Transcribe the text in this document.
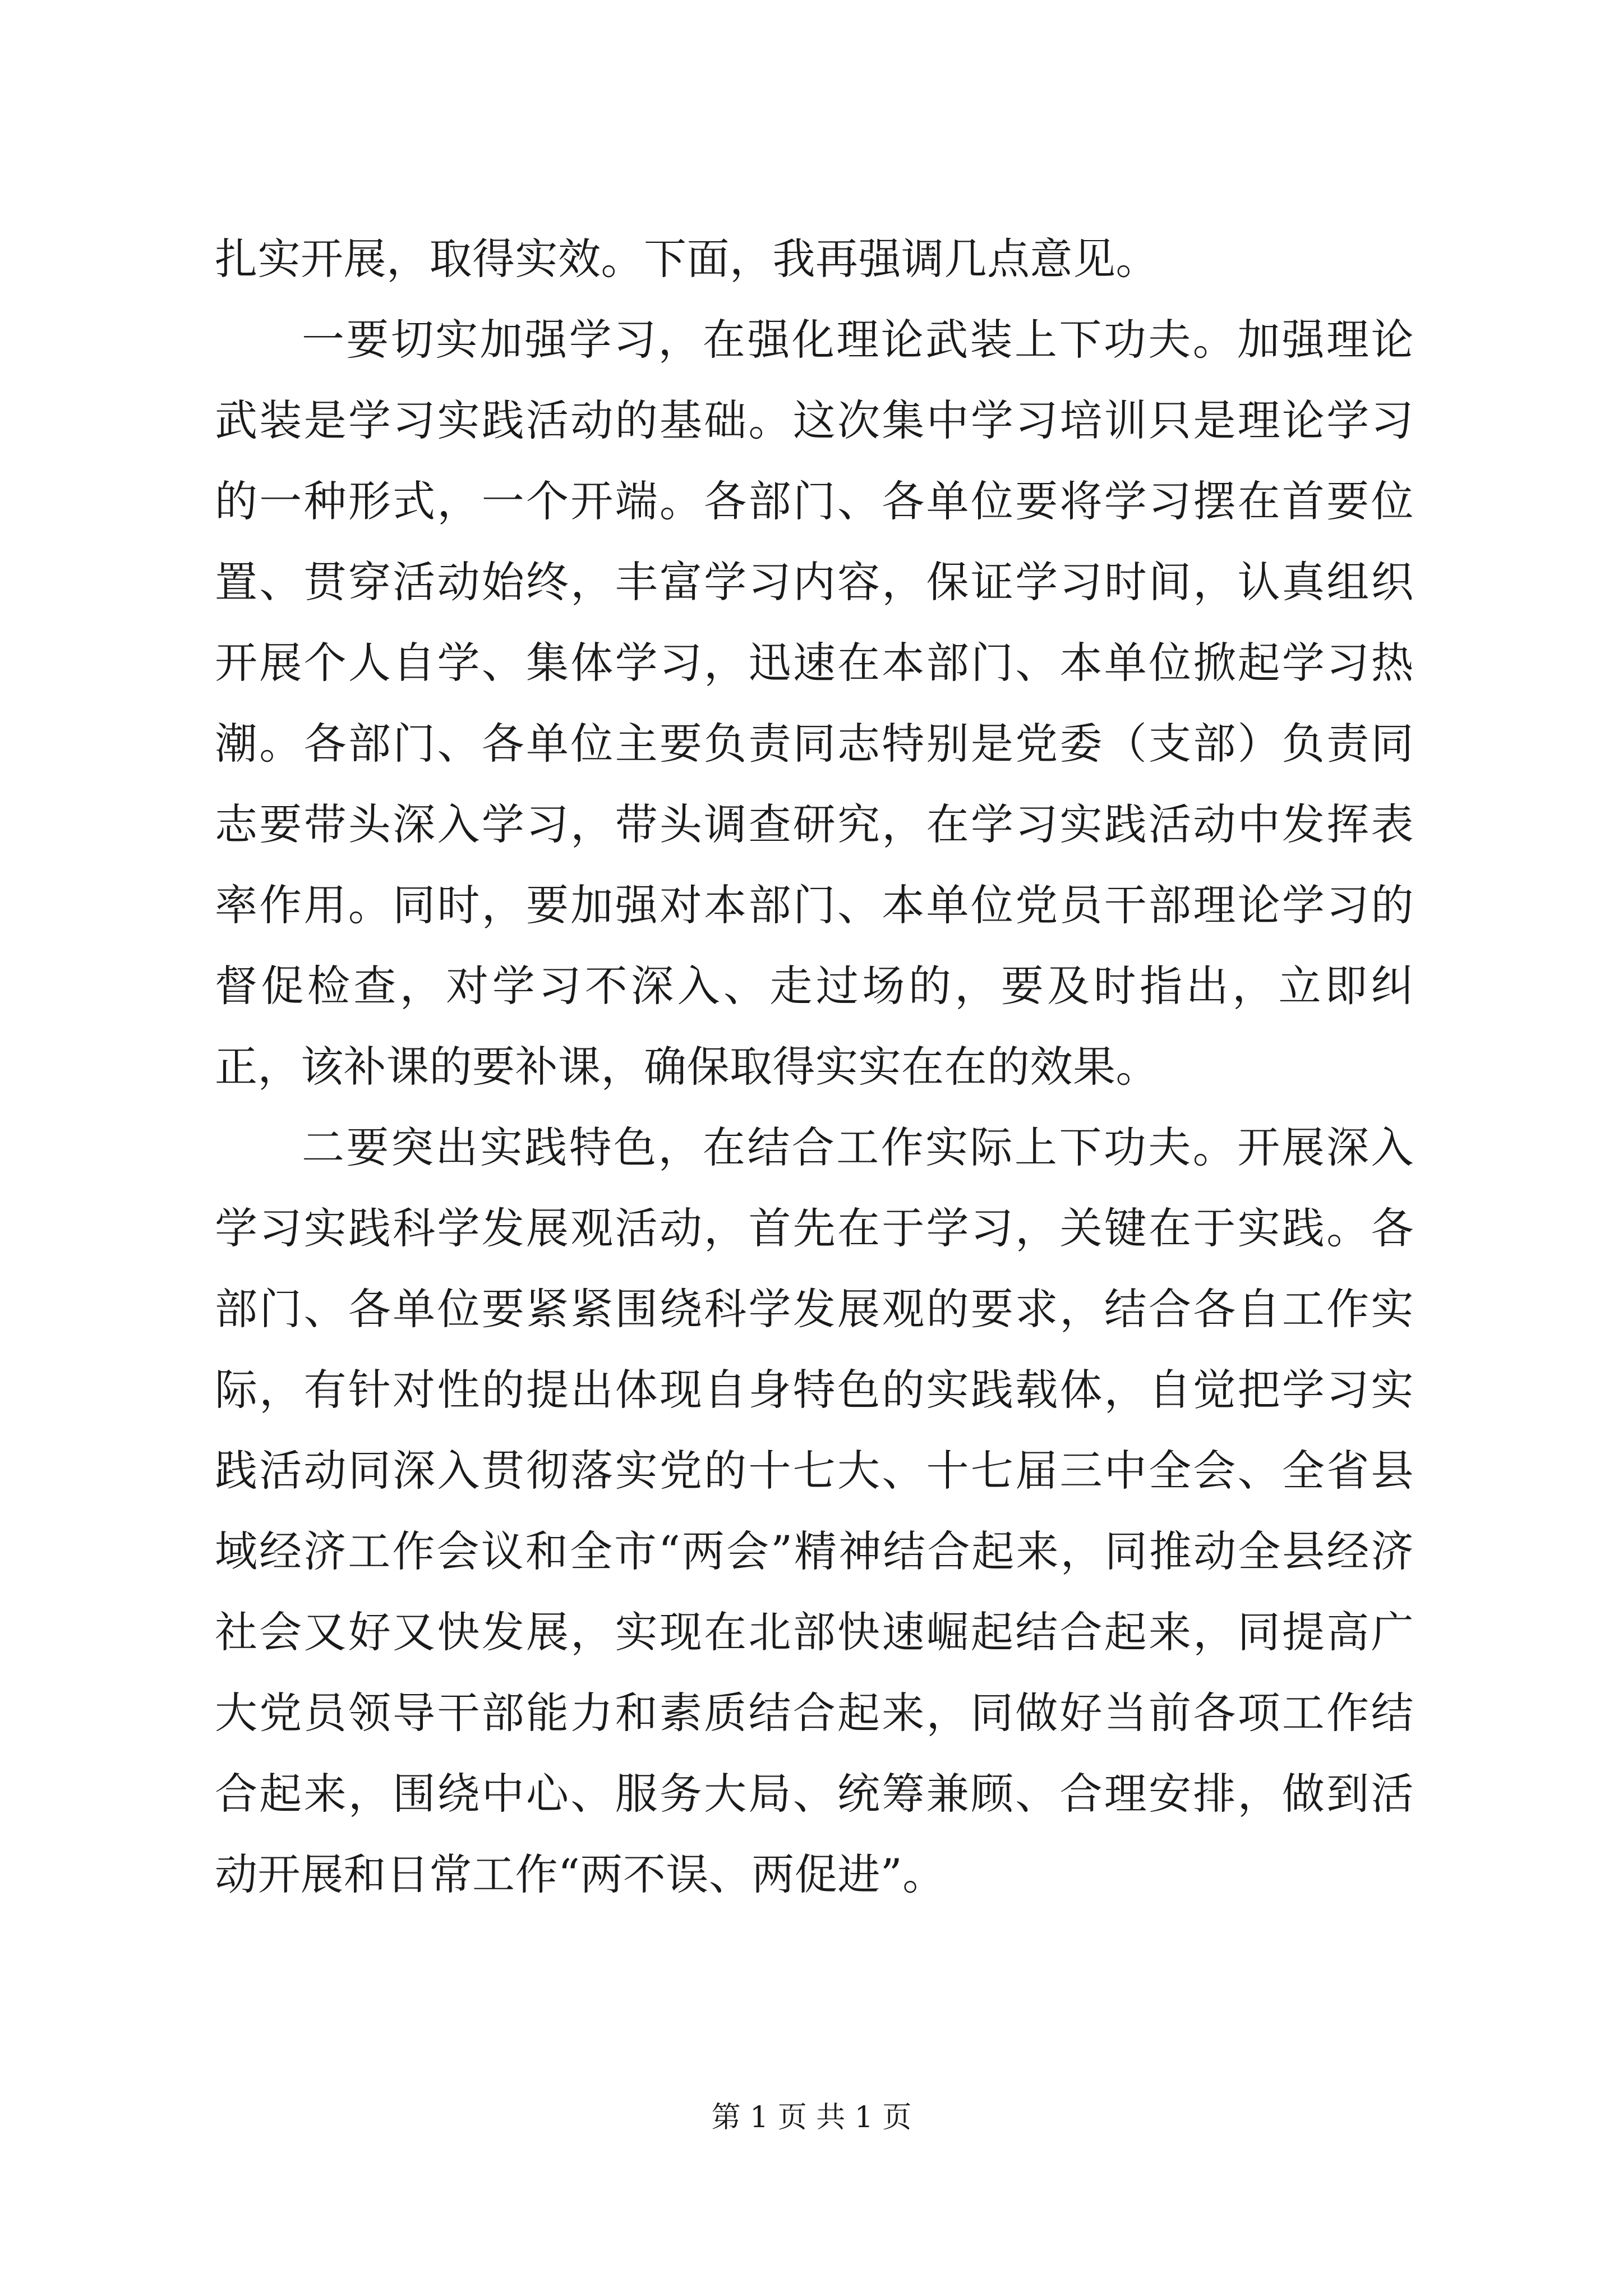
扎实开展，取得实效。下面，我再强调几点意见。

一要切实加强学习，在强化理论武装上下功夫。加强理论武装是学习实践活动的基础。这次集中学习培训只是理论学习的一种形式，一个开端。各部门、各单位要将学习摆在首要位置、贯穿活动始终，丰富学习内容，保证学习时间，认真组织开展个人自学、集体学习，迅速在本部门、本单位掀起学习热潮。各部门、各单位主要负责同志特别是党委（支部）负责同志要带头深入学习，带头调查研究，在学习实践活动中发挥表率作用。同时，要加强对本部门、本单位党员干部理论学习的督促检查，对学习不深入、走过场的，要及时指出，立即纠正，该补课的要补课，确保取得实实在在的效果。

二要突出实践特色，在结合工作实际上下功夫。开展深入学习实践科学发展观活动，首先在于学习，关键在于实践。各部门、各单位要紧紧围绕科学发展观的要求，结合各自工作实际，有针对性的提出体现自身特色的实践载体，自觉把学习实践活动同深入贯彻落实党的十七大、十七届三中全会、全省县域经济工作会议和全市“两会”精神结合起来，同推动全县经济社会又好又快发展，实现在北部快速崛起结合起来，同提高广大党员领导干部能力和素质结合起来，同做好当前各项工作结合起来，围绕中心、服务大局、统筹兼顾、合理安排，做到活动开展和日常工作“两不误、两促进”。

第 1 页 共 1 页
